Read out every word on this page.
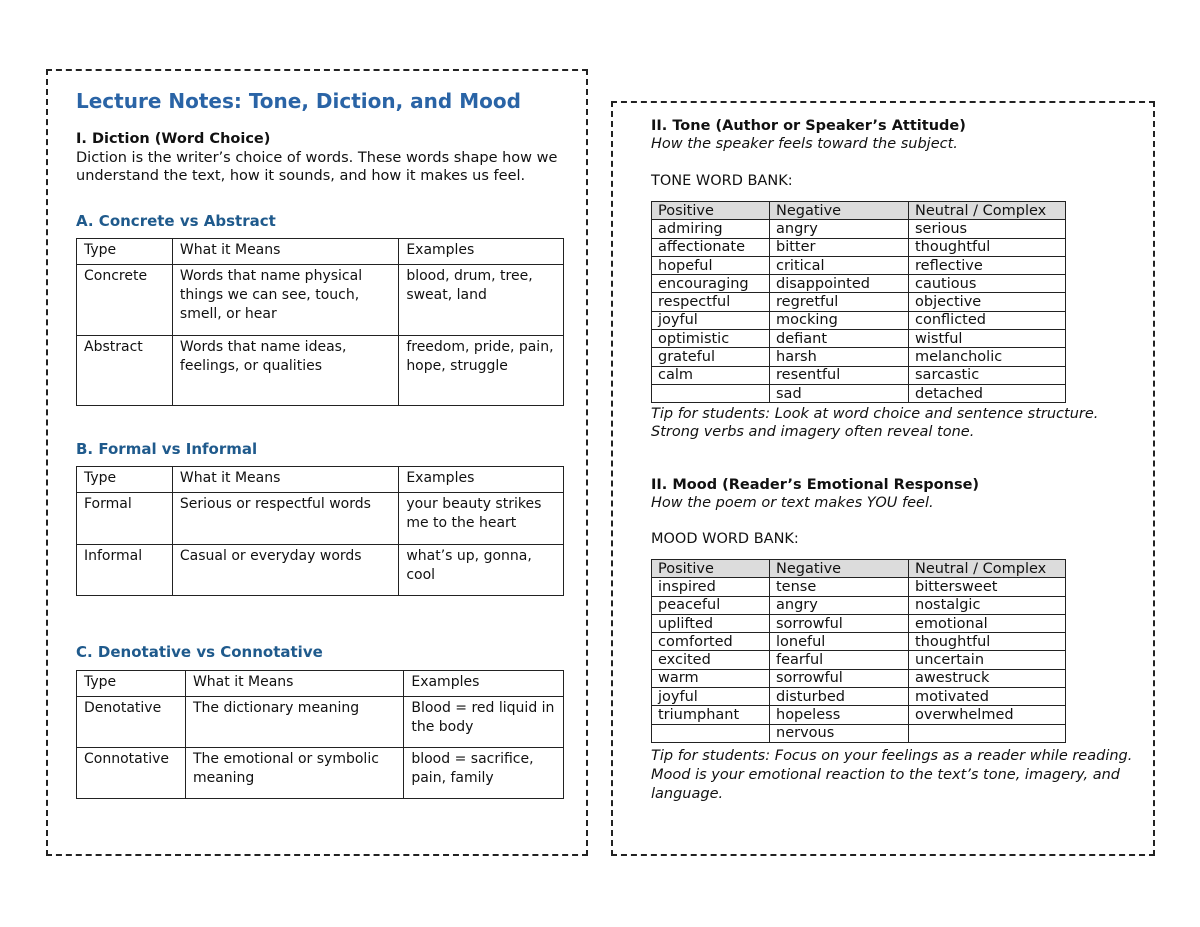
Lecture Notes: Tone, Diction, and Mood
I. Diction (Word Choice)
Diction is the writer’s choice of words. These words shape how we understand the text, how it sounds, and how it makes us feel.
A. Concrete vs Abstract
Type	What it Means	Examples
Concrete	Words that name physical things we can see, touch, smell, or hear	blood, drum, tree, sweat, land
Abstract	Words that name ideas, feelings, or qualities	freedom, pride, pain, hope, struggle
B. Formal vs Informal
Type	What it Means	Examples
Formal	Serious or respectful words	your beauty strikes me to the heart
Informal	Casual or everyday words	what’s up, gonna, cool
C. Denotative vs Connotative
Type	What it Means	Examples
Denotative	The dictionary meaning	Blood = red liquid in the body
Connotative	The emotional or symbolic meaning	blood = sacrifice, pain, family
II. Tone (Author or Speaker’s Attitude)
How the speaker feels toward the subject.
TONE WORD BANK:
Positive	Negative	Neutral / Complex
admiring	angry	serious
affectionate	bitter	thoughtful
hopeful	critical	reflective
encouraging	disappointed	cautious
respectful	regretful	objective
joyful	mocking	conflicted
optimistic	defiant	wistful
grateful	harsh	melancholic
calm	resentful	sarcastic
	sad	detached
Tip for students: Look at word choice and sentence structure. Strong verbs and imagery often reveal tone.
II. Mood (Reader’s Emotional Response)
How the poem or text makes YOU feel.
MOOD WORD BANK:
Positive	Negative	Neutral / Complex
inspired	tense	bittersweet
peaceful	angry	nostalgic
uplifted	sorrowful	emotional
comforted	loneful	thoughtful
excited	fearful	uncertain
warm	sorrowful	awestruck
joyful	disturbed	motivated
triumphant	hopeless	overwhelmed
	nervous	
Tip for students: Focus on your feelings as a reader while reading. Mood is your emotional reaction to the text’s tone, imagery, and language.
